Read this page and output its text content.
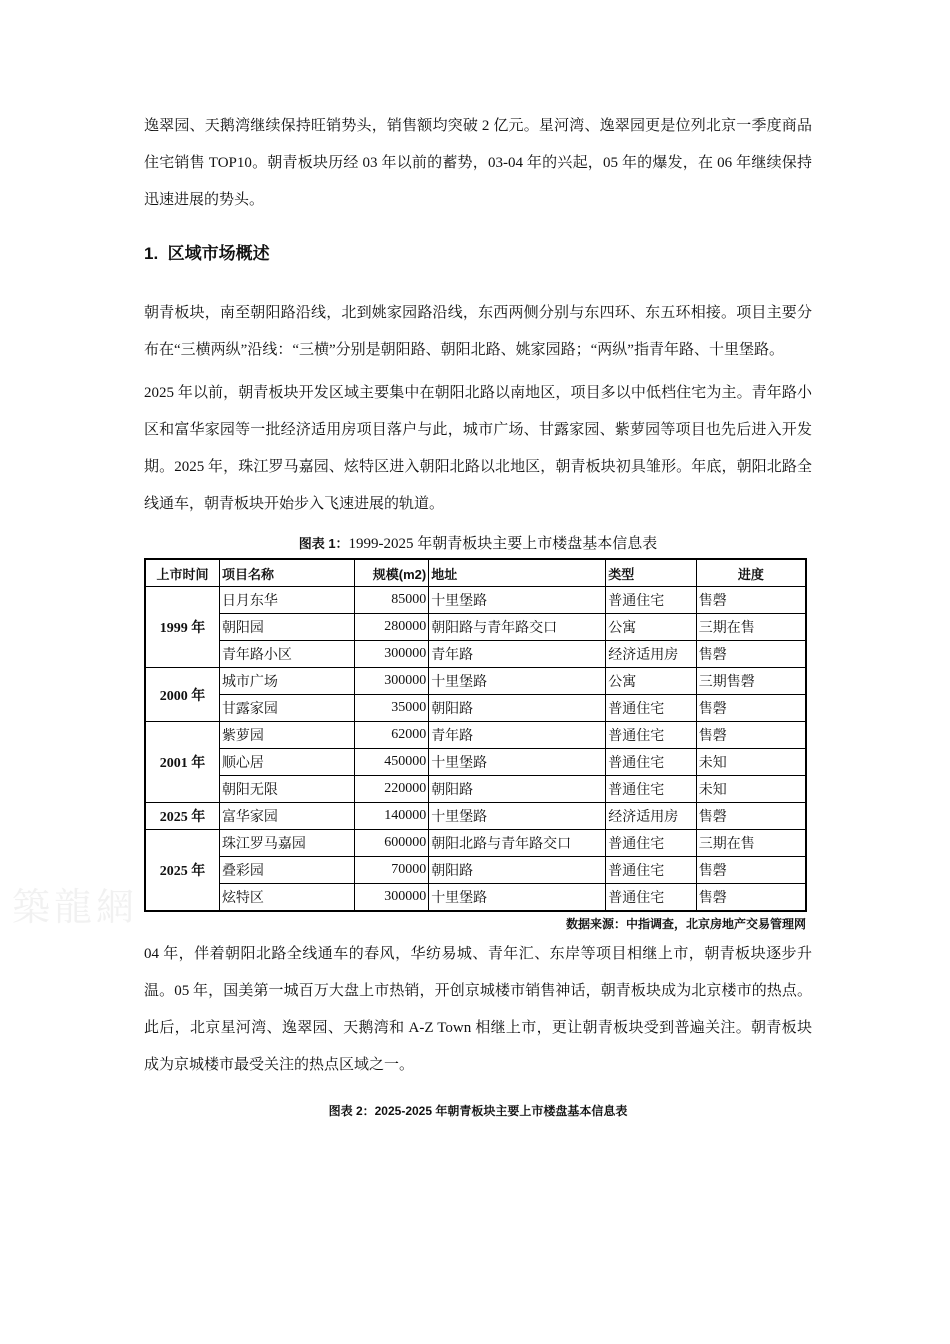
築龍網

逸翠园、天鹅湾继续保持旺销势头，销售额均突破 2 亿元。星河湾、逸翠园更是位列北京一季度商品住宅销售 TOP10。朝青板块历经 03 年以前的蓄势，03-04 年的兴起，05 年的爆发，在 06 年继续保持迅速进展的势头。

1.  区域市场概述

朝青板块，南至朝阳路沿线，北到姚家园路沿线，东西两侧分别与东四环、东五环相接。项目主要分布在“三横两纵”沿线：“三横”分别是朝阳路、朝阳北路、姚家园路；“两纵”指青年路、十里堡路。

2025 年以前，朝青板块开发区域主要集中在朝阳北路以南地区，项目多以中低档住宅为主。青年路小区和富华家园等一批经济适用房项目落户与此，城市广场、甘露家园、紫萝园等项目也先后进入开发期。2025 年，珠江罗马嘉园、炫特区进入朝阳北路以北地区，朝青板块初具雏形。年底，朝阳北路全线通车，朝青板块开始步入飞速进展的轨道。

图表 1：1999-2025 年朝青板块主要上市楼盘基本信息表
上市时间	项目名称	规模(m2)	地址	类型	进度
1999 年	日月东华	85000	十里堡路	普通住宅	售磬
	朝阳园	280000	朝阳路与青年路交口	公寓	三期在售
	青年路小区	300000	青年路	经济适用房	售磬
2000 年	城市广场	300000	十里堡路	公寓	三期售磬
	甘露家园	35000	朝阳路	普通住宅	售磬
2001 年	紫萝园	62000	青年路	普通住宅	售磬
	顺心居	450000	十里堡路	普通住宅	未知
	朝阳无限	220000	朝阳路	普通住宅	未知
2025 年	富华家园	140000	十里堡路	经济适用房	售磬
2025 年	珠江罗马嘉园	600000	朝阳北路与青年路交口	普通住宅	三期在售
	叠彩园	70000	朝阳路	普通住宅	售磬
	炫特区	300000	十里堡路	普通住宅	售磬
数据来源：中指调查，北京房地产交易管理网

04 年，伴着朝阳北路全线通车的春风，华纺易城、青年汇、东岸等项目相继上市，朝青板块逐步升温。05 年，国美第一城百万大盘上市热销，开创京城楼市销售神话，朝青板块成为北京楼市的热点。此后，北京星河湾、逸翠园、天鹅湾和 A-Z Town 相继上市，更让朝青板块受到普遍关注。朝青板块成为京城楼市最受关注的热点区域之一。

图表 2：2025-2025 年朝青板块主要上市楼盘基本信息表
